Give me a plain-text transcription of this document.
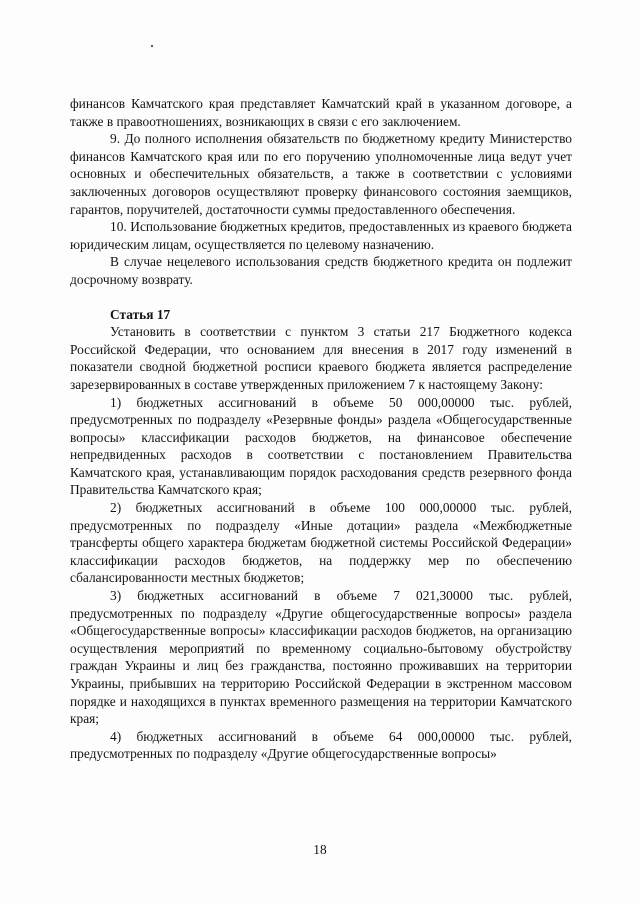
финансов Камчатского края представляет Камчатский край в указанном договоре, а также в правоотношениях, возникающих в связи с его заключением.

9. До полного исполнения обязательств по бюджетному кредиту Министерство финансов Камчатского края или по его поручению уполномоченные лица ведут учет основных и обеспечительных обязательств, а также в соответствии с условиями заключенных договоров осуществляют проверку финансового состояния заемщиков, гарантов, поручителей, достаточности суммы предоставленного обеспечения.

10. Использование бюджетных кредитов, предоставленных из краевого бюджета юридическим лицам, осуществляется по целевому назначению.

В случае нецелевого использования средств бюджетного кредита он подлежит досрочному возврату.

Статья 17

Установить в соответствии с пунктом 3 статьи 217 Бюджетного кодекса Российской Федерации, что основанием для внесения в 2017 году изменений в показатели сводной бюджетной росписи краевого бюджета является распределение зарезервированных в составе утвержденных приложением 7 к настоящему Закону:

1) бюджетных ассигнований в объеме 50 000,00000 тыс. рублей, предусмотренных по подразделу «Резервные фонды» раздела «Общегосударственные вопросы» классификации расходов бюджетов, на финансовое обеспечение непредвиденных расходов в соответствии с постановлением Правительства Камчатского края, устанавливающим порядок расходования средств резервного фонда Правительства Камчатского края;

2) бюджетных ассигнований в объеме 100 000,00000 тыс. рублей, предусмотренных по подразделу «Иные дотации» раздела «Межбюджетные трансферты общего характера бюджетам бюджетной системы Российской Федерации» классификации расходов бюджетов, на поддержку мер по обеспечению сбалансированности местных бюджетов;

3) бюджетных ассигнований в объеме 7 021,30000 тыс. рублей, предусмотренных по подразделу «Другие общегосударственные вопросы» раздела «Общегосударственные вопросы» классификации расходов бюджетов, на организацию осуществления мероприятий по временному социально-бытовому обустройству граждан Украины и лиц без гражданства, постоянно проживавших на территории Украины, прибывших на территорию Российской Федерации в экстренном массовом порядке и находящихся в пунктах временного размещения на территории Камчатского края;

4) бюджетных ассигнований в объеме 64 000,00000 тыс. рублей, предусмотренных по подразделу «Другие общегосударственные вопросы»

18
